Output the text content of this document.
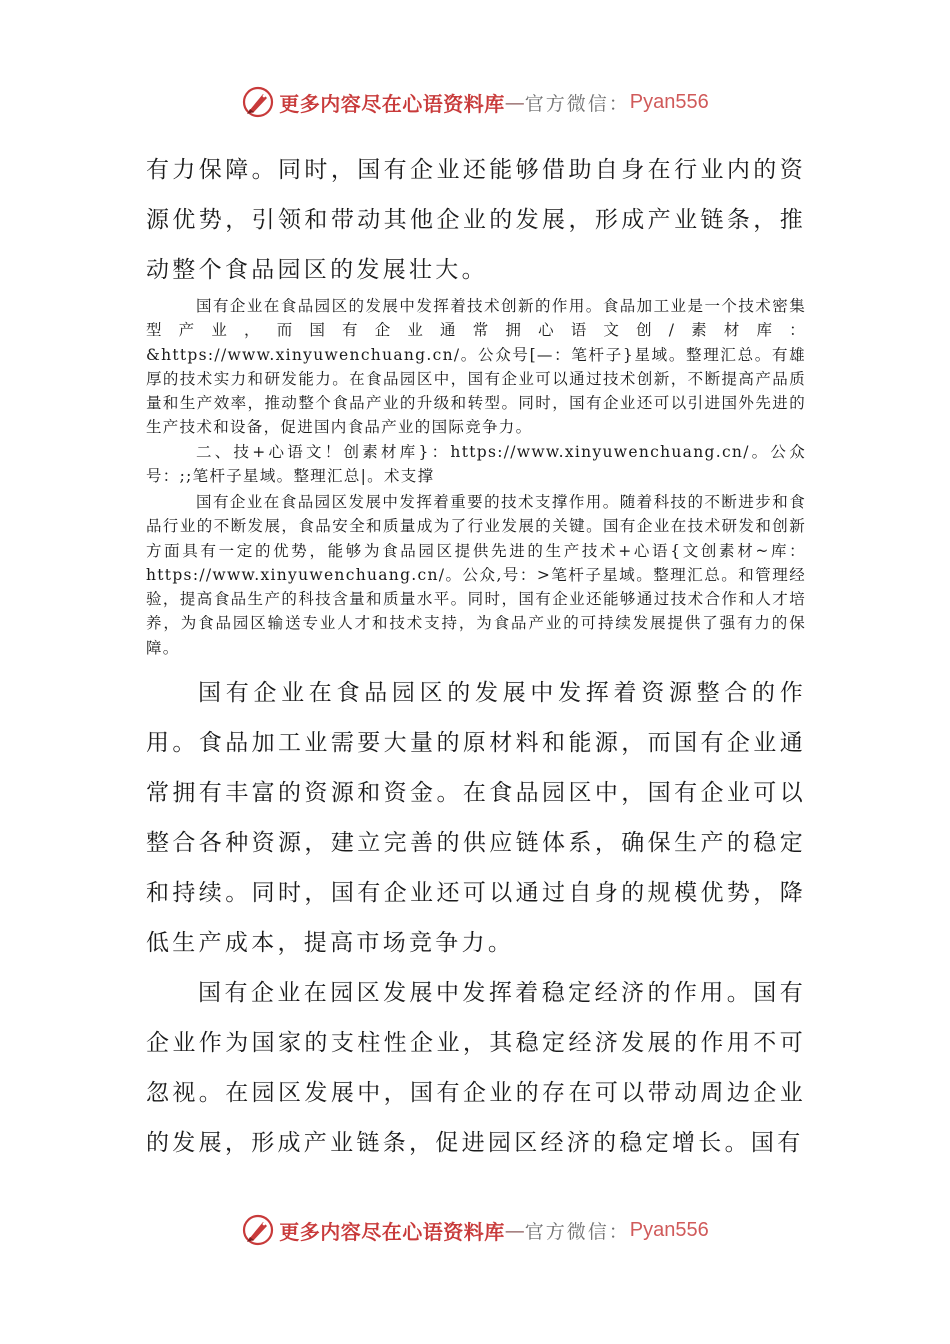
更多内容尽在心语资料库 — 官方微信： Pyan556

有力保障。同时，国有企业还能够借助自身在行业内的资源优势，引领和带动其他企业的发展，形成产业链条，推动整个食品园区的发展壮大。

国有企业在食品园区的发展中发挥着技术创新的作用。食品加工业是一个技术密集型产业，而国有企业通常拥心语文创/素材库：&https://www.xinyuwenchuang.cn/。公众号[—：笔杆子}星域。整理汇总。有雄厚的技术实力和研发能力。在食品园区中，国有企业可以通过技术创新，不断提高产品质量和生产效率，推动整个食品产业的升级和转型。同时，国有企业还可以引进国外先进的生产技术和设备，促进国内食品产业的国际竞争力。

二、技+心语文！创素材库}：https://www.xinyuwenchuang.cn/。公众号：;;笔杆子星域。整理汇总|。术支撑

国有企业在食品园区发展中发挥着重要的技术支撑作用。随着科技的不断进步和食品行业的不断发展，食品安全和质量成为了行业发展的关键。国有企业在技术研发和创新方面具有一定的优势，能够为食品园区提供先进的生产技术+心语{文创素材~库：https://www.xinyuwenchuang.cn/。公众,号：>笔杆子星域。整理汇总。和管理经验，提高食品生产的科技含量和质量水平。同时，国有企业还能够通过技术合作和人才培养，为食品园区输送专业人才和技术支持，为食品产业的可持续发展提供了强有力的保障。

国有企业在食品园区的发展中发挥着资源整合的作用。食品加工业需要大量的原材料和能源，而国有企业通常拥有丰富的资源和资金。在食品园区中，国有企业可以整合各种资源，建立完善的供应链体系，确保生产的稳定和持续。同时，国有企业还可以通过自身的规模优势，降低生产成本，提高市场竞争力。

国有企业在园区发展中发挥着稳定经济的作用。国有企业作为国家的支柱性企业，其稳定经济发展的作用不可忽视。在园区发展中，国有企业的存在可以带动周边企业的发展，形成产业链条，促进园区经济的稳定增长。国有

更多内容尽在心语资料库 — 官方微信： Pyan556
